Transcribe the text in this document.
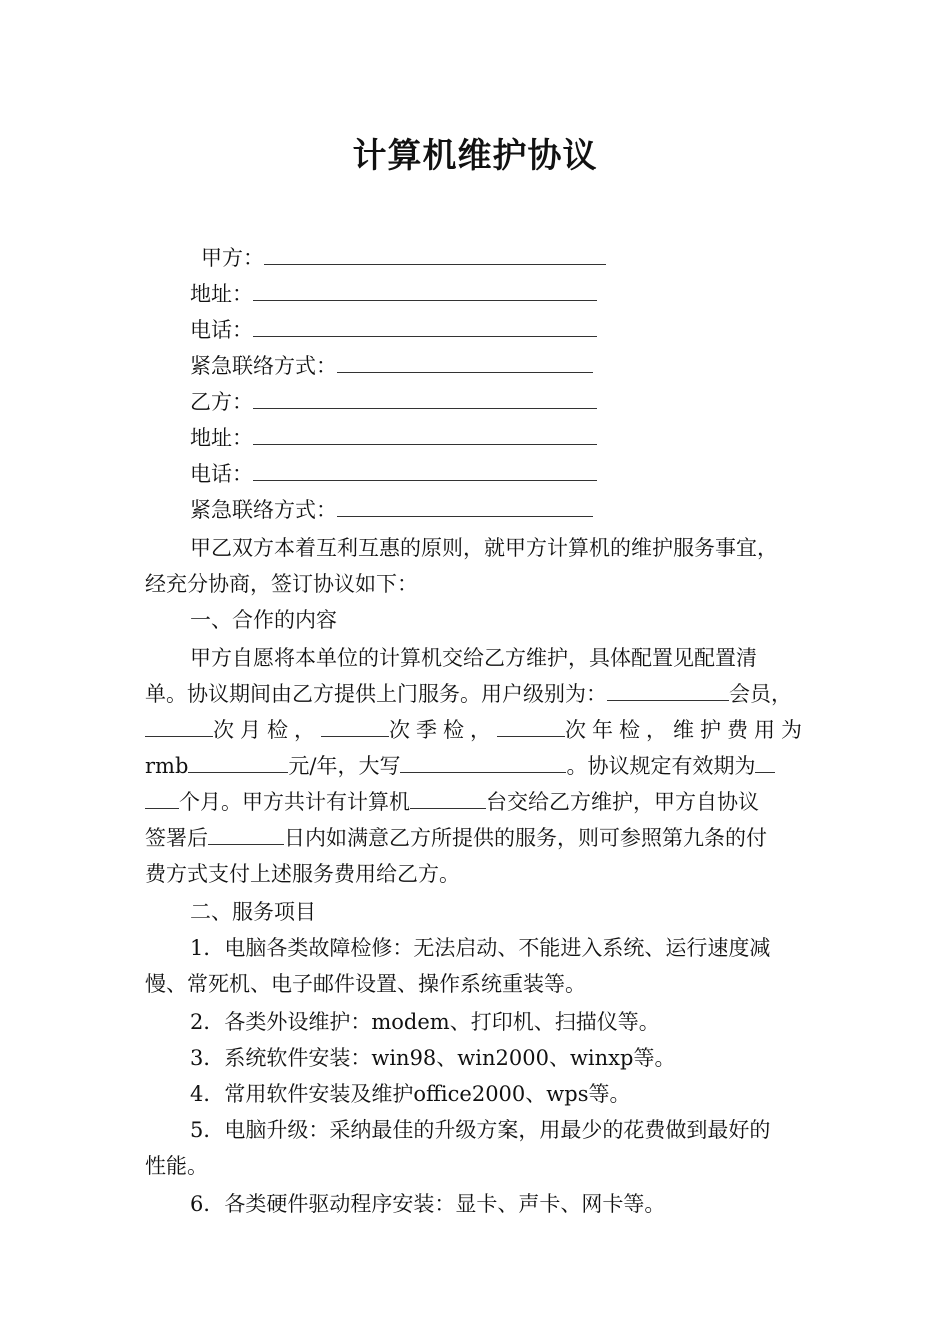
计算机维护协议
甲方：
地址：
电话：
紧急联络方式：
乙方：
地址：
电话：
紧急联络方式：
甲乙双方本着互利互惠的原则，就甲方计算机的维护服务事宜，
经充分协商，签订协议如下：
一、合作的内容
甲方自愿将本单位的计算机交给乙方维护，具体配置见配置清
单。协议期间由乙方提供上门服务。用户级别为：	会员，
次月检，	次季检，	次年检，维护费用为
rmb	元/年，大写	。协议规定有效期为
个月。甲方共计有计算机	台交给乙方维护，甲方自协议
签署后	日内如满意乙方所提供的服务，则可参照第九条的付
费方式支付上述服务费用给乙方。
二、服务项目
1．电脑各类故障检修：无法启动、不能进入系统、运行速度减
慢、常死机、电子邮件设置、操作系统重装等。
2．各类外设维护：modem、打印机、扫描仪等。
3．系统软件安装：win98、win2000、winxp等。
4．常用软件安装及维护office2000、wps等。
5．电脑升级：采纳最佳的升级方案，用最少的花费做到最好的
性能。
6．各类硬件驱动程序安装：显卡、声卡、网卡等。
